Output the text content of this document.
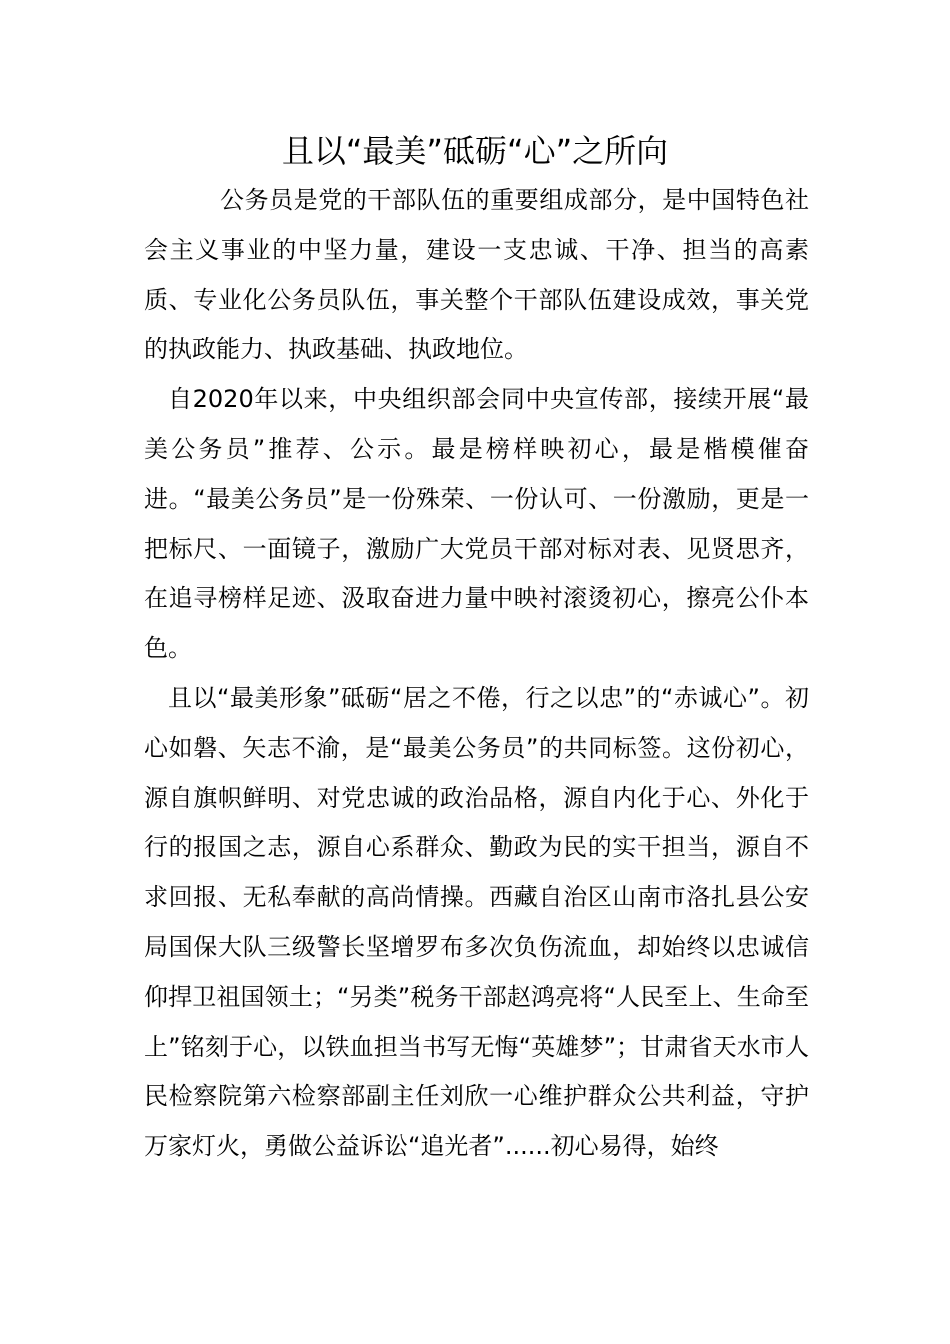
且以“最美”砥砺“心”之所向

公务员是党的干部队伍的重要组成部分，是中国特色社会主义事业的中坚力量，建设一支忠诚、干净、担当的高素质、专业化公务员队伍，事关整个干部队伍建设成效，事关党的执政能力、执政基础、执政地位。

自2020年以来，中央组织部会同中央宣传部，接续开展“最美公务员”推荐、公示。最是榜样映初心，最是楷模催奋进。“最美公务员”是一份殊荣、一份认可、一份激励，更是一把标尺、一面镜子，激励广大党员干部对标对表、见贤思齐，在追寻榜样足迹、汲取奋进力量中映衬滚烫初心，擦亮公仆本色。

且以“最美形象”砥砺“居之不倦，行之以忠”的“赤诚心”。初心如磐、矢志不渝，是“最美公务员”的共同标签。这份初心，源自旗帜鲜明、对党忠诚的政治品格，源自内化于心、外化于行的报国之志，源自心系群众、勤政为民的实干担当，源自不求回报、无私奉献的高尚情操。西藏自治区山南市洛扎县公安局国保大队三级警长坚增罗布多次负伤流血，却始终以忠诚信仰捍卫祖国领土；“另类”税务干部赵鸿亮将“人民至上、生命至上”铭刻于心，以铁血担当书写无悔“英雄梦”；甘肃省天水市人民检察院第六检察部副主任刘欣一心维护群众公共利益，守护万家灯火，勇做公益诉讼“追光者”......初心易得，始终
